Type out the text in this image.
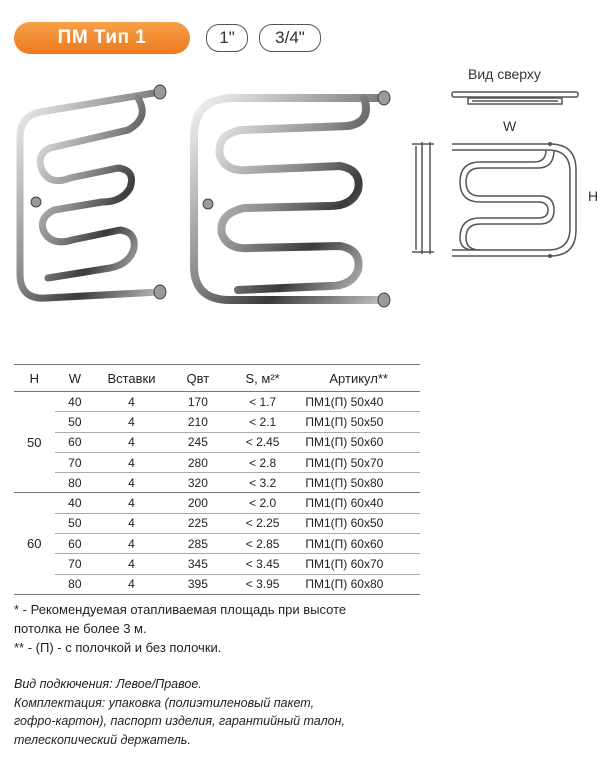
ПМ Тип 1	1"	3/4"
Вид сверху
W
H
H	W	Вставки	Qвт	S, м²*	Артикул**
50	40	4	170	< 1.7	ПМ1(П) 50х40
	50	4	210	< 2.1	ПМ1(П) 50х50
	60	4	245	< 2.45	ПМ1(П) 50х60
	70	4	280	< 2.8	ПМ1(П) 50х70
	80	4	320	< 3.2	ПМ1(П) 50х80
60	40	4	200	< 2.0	ПМ1(П) 60х40
	50	4	225	< 2.25	ПМ1(П) 60х50
	60	4	285	< 2.85	ПМ1(П) 60х60
	70	4	345	< 3.45	ПМ1(П) 60х70
	80	4	395	< 3.95	ПМ1(П) 60х80

* - Рекомендуемая отапливаемая площадь при высоте

потолка не более 3 м.

** - (П) - с полочкой и без полочки.

Вид подкючения: Левое/Правое.

Комплектация: упаковка (полиэтиленовый пакет,

гофро-картон), паспорт изделия, гарантийный талон,

телескопический держатель.
